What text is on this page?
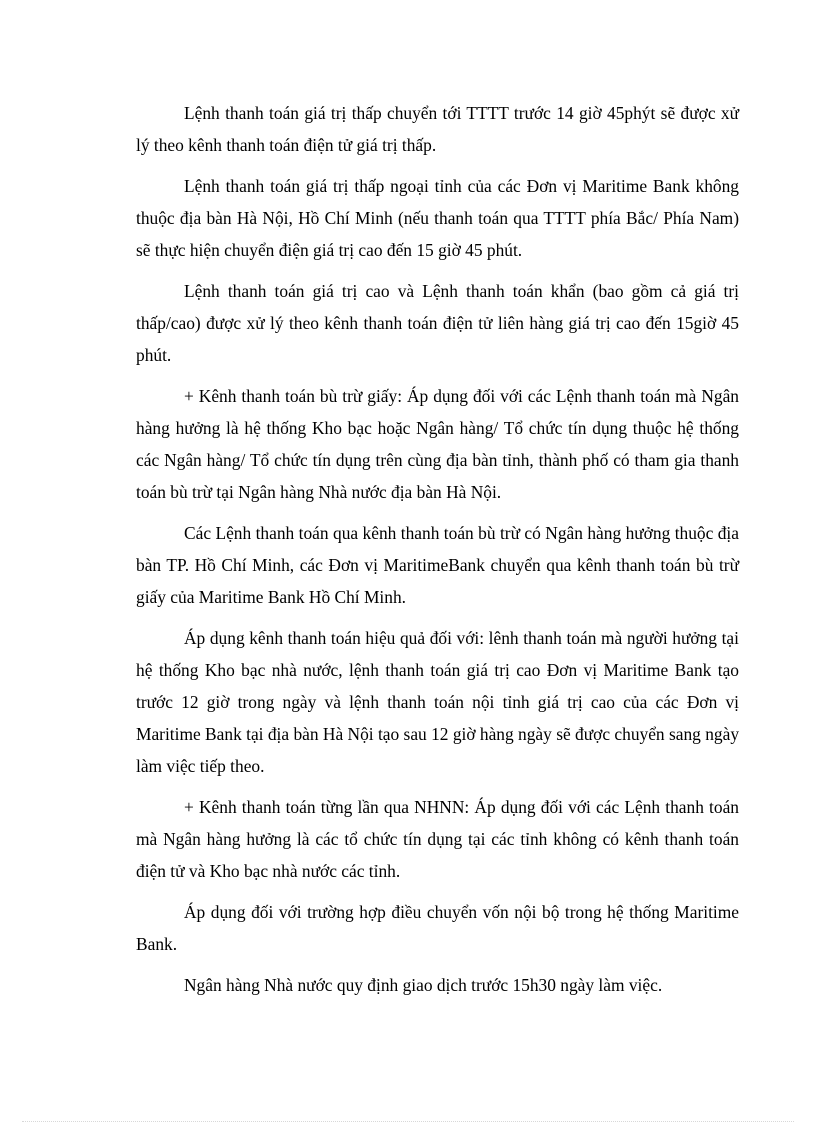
Lệnh thanh toán giá trị thấp chuyển tới TTTT trước 14 giờ 45phýt sẽ được xử lý theo kênh thanh toán điện tử giá trị thấp.

Lệnh thanh toán giá trị thấp ngoại tỉnh của các Đơn vị Maritime Bank không thuộc địa bàn Hà Nội, Hồ Chí Minh (nếu thanh toán qua TTTT phía Bắc/ Phía Nam) sẽ thực hiện chuyển điện giá trị cao đến 15 giờ 45 phút.

Lệnh thanh toán giá trị cao và Lệnh thanh toán khẩn (bao gồm cả giá trị thấp/cao) được xử lý theo kênh thanh toán điện tử liên hàng giá trị cao đến 15giờ 45 phút.

+ Kênh thanh toán bù trừ giấy: Áp dụng đối với các Lệnh thanh toán mà Ngân hàng hưởng là hệ thống Kho bạc hoặc Ngân hàng/ Tổ chức tín dụng thuộc hệ thống các Ngân hàng/ Tổ chức tín dụng trên cùng địa bàn tỉnh, thành phố có tham gia thanh toán bù trừ tại Ngân hàng Nhà nước địa bàn Hà Nội.

Các Lệnh thanh toán qua kênh thanh toán bù trừ có Ngân hàng hưởng thuộc địa bàn TP. Hồ Chí Minh, các Đơn vị MaritimeBank chuyển qua kênh thanh toán bù trừ giấy của Maritime Bank Hồ Chí Minh.

Áp dụng kênh thanh toán hiệu quả đối với: lênh thanh toán mà người hưởng tại hệ thống Kho bạc nhà nước, lệnh thanh toán giá trị cao Đơn vị Maritime Bank tạo trước 12 giờ trong ngày và lệnh thanh toán nội tỉnh giá trị cao của các Đơn vị Maritime Bank tại địa bàn Hà Nội tạo sau 12 giờ hàng ngày sẽ được chuyển sang ngày làm việc tiếp theo.

+ Kênh thanh toán từng lần qua NHNN: Áp dụng đối với các Lệnh thanh toán mà Ngân hàng hưởng là các tổ chức tín dụng tại các tỉnh không có kênh thanh toán điện tử và Kho bạc nhà nước các tỉnh.

Áp dụng đối với trường hợp điều chuyển vốn nội bộ trong hệ thống Maritime Bank.

Ngân hàng Nhà nước quy định giao dịch trước 15h30 ngày làm việc.
